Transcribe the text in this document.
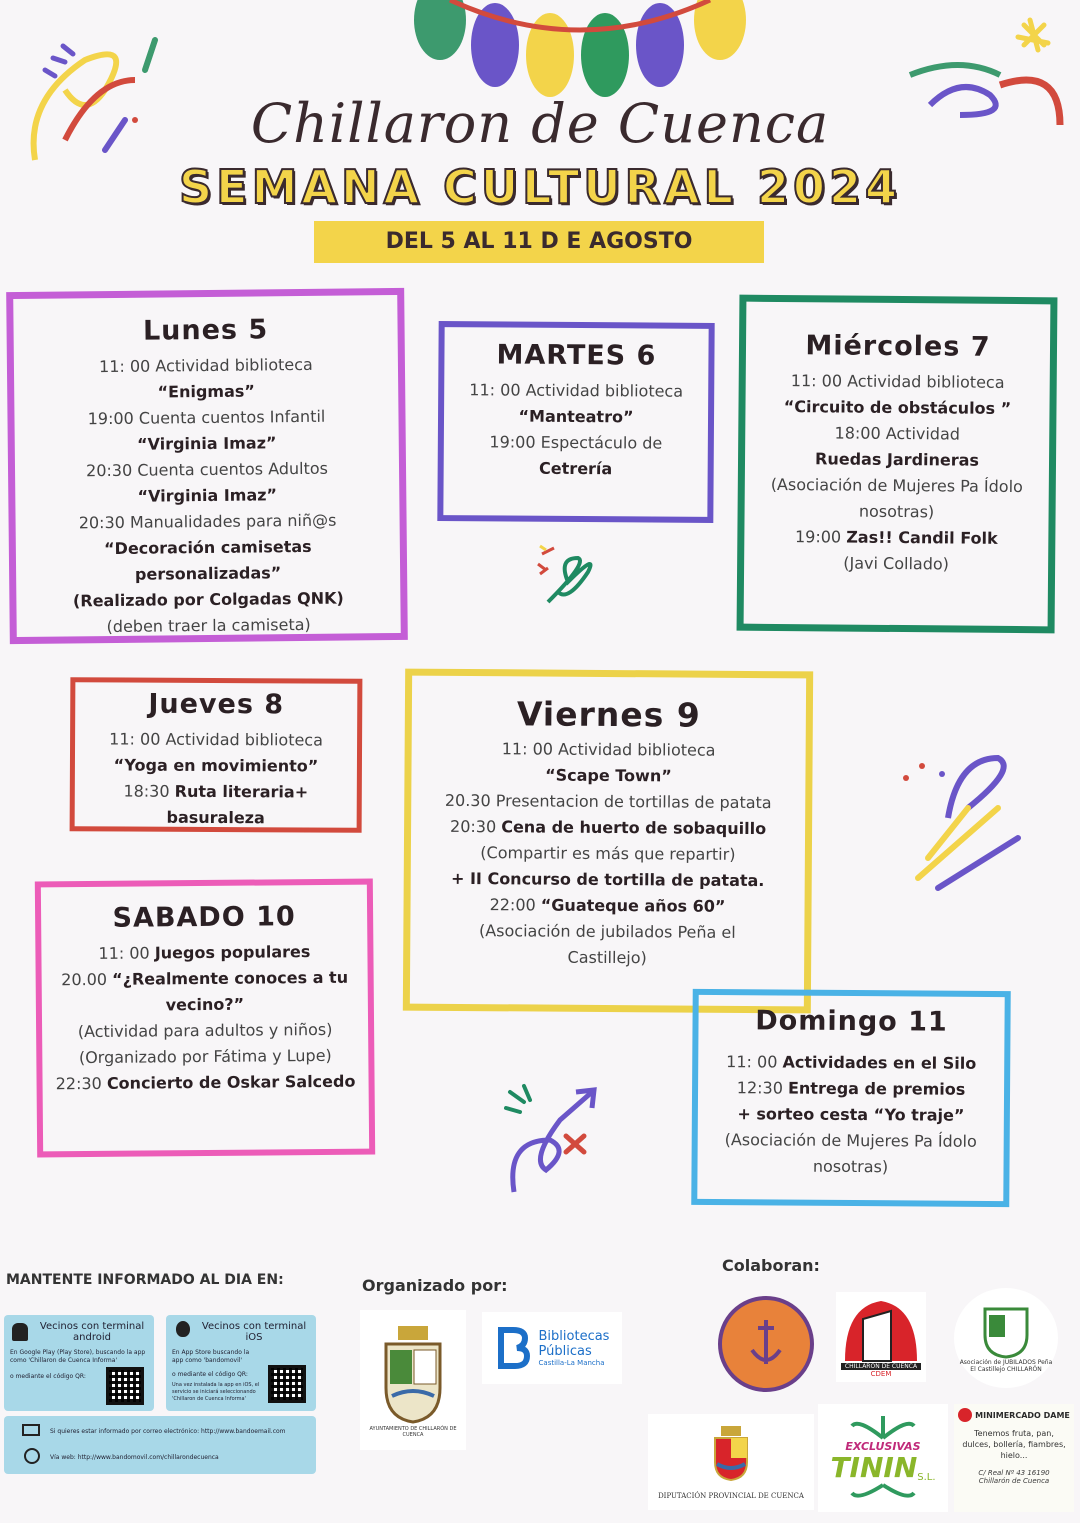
Chillaron de Cuenca
SEMANA CULTURAL 2024
DEL 5 AL 11 D E AGOSTO
Lunes 5
11: 00 Actividad biblioteca
“Enigmas”
19:00 Cuenta cuentos Infantil
“Virginia Imaz”
20:30 Cuenta cuentos Adultos
“Virginia Imaz”
20:30 Manualidades para niñ@s
“Decoración camisetas
personalizadas”
(Realizado por Colgadas QNK)
(deben traer la camiseta)
MARTES 6
11: 00 Actividad biblioteca
“Manteatro”
19:00 Espectáculo de
Cetrería
Miércoles 7
11: 00 Actividad biblioteca
“Circuito de obstáculos ”
18:00 Actividad
Ruedas Jardineras
(Asociación de Mujeres Pa Ídolo
nosotras)
19:00 Zas!! Candil Folk
(Javi Collado)
Jueves 8
11: 00 Actividad biblioteca
“Yoga en movimiento”
18:30 Ruta literaria+ basuraleza
Viernes 9
11: 00 Actividad biblioteca
“Scape Town”
20.30 Presentacion de tortillas de patata
20:30 Cena de huerto de sobaquillo
(Compartir es más que repartir)
+ II Concurso de tortilla de patata.
22:00 “Guateque años 60”
(Asociación de jubilados Peña el
Castillejo)
SABADO 10
11: 00 Juegos populares
20.00 “¿Realmente conoces a tu
vecino?”
(Actividad para adultos y niños)
(Organizado por Fátima y Lupe)
22:30 Concierto de Oskar Salcedo
Domingo 11
11: 00 Actividades en el Silo
12:30 Entrega de premios
+ sorteo cesta “Yo traje”
(Asociación de Mujeres Pa Ídolo
nosotras)
MANTENTE INFORMADO AL DIA EN:
Vecinos con terminal android
En Google Play (Play Store), buscando la app como 'Chillaron de Cuenca Informa'
o mediante el código QR:
Vecinos con terminal iOS
En App Store buscando la app como 'bandomovil'
o mediante el código QR:
Una vez instalada la app en iOS, el servicio se iniciará seleccionando 'Chillaron de Cuenca Informa'
Si quieres estar informado por correo electrónico: http://www.bandoemail.com
Vía web: http://www.bandomovil.com/chillarondecuenca
Organizado por:
AYUNTAMIENTO DE CHILLARÓN DE CUENCA
Bibliotecas
Públicas
Castilla-La Mancha
Colaboran:
CHILLARON DE CUENCA
CDEM
Asociación de JUBILADOS Peña El Castillejo CHILLARÓN
DIPUTACIÓN PROVINCIAL DE CUENCA
EXCLUSIVAS
TININ S.L.
MINIMERCADO DAME
Tenemos fruta, pan, dulces, bollería, fiambres, hielo...
C/ Real Nº 43 16190 Chillarón de Cuenca
